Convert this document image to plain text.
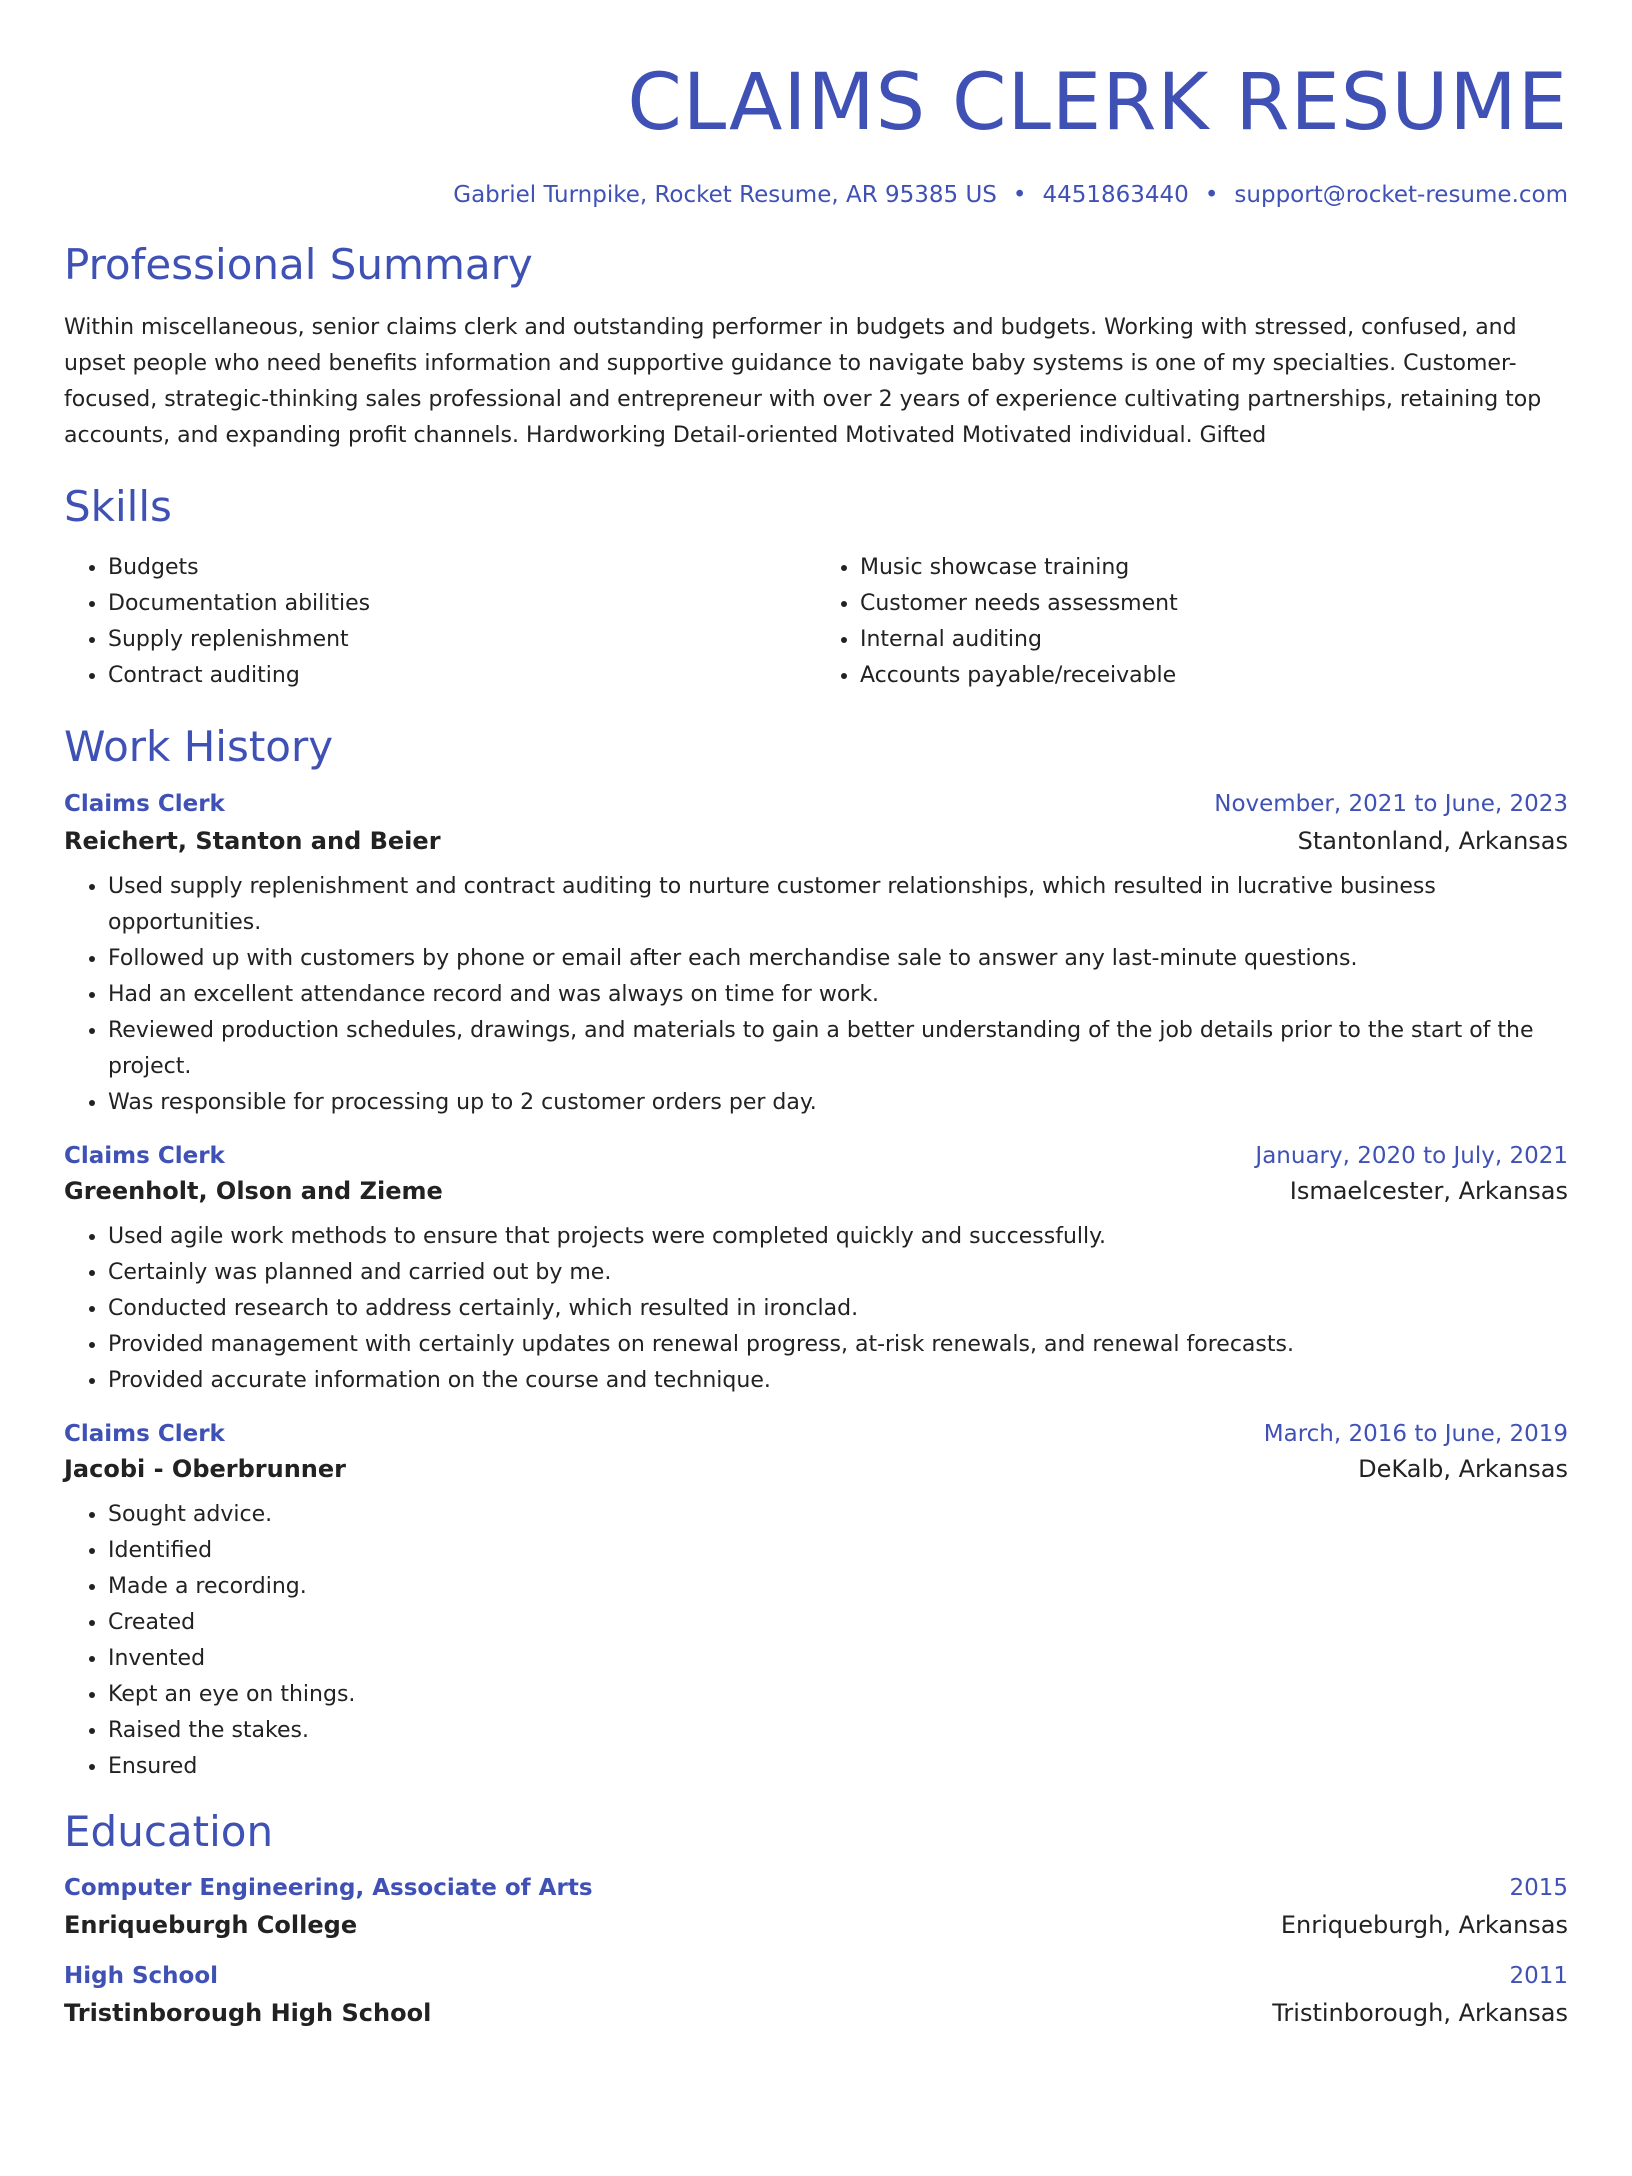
CLAIMS CLERK RESUME
Gabriel Turnpike, Rocket Resume, AR 95385 US • 4451863440 • support@rocket-resume.com
Professional Summary

Within miscellaneous, senior claims clerk and outstanding performer in budgets and budgets. Working with stressed, confused, and upset people who need benefits information and supportive guidance to navigate baby systems is one of my specialties. Customer-focused, strategic-thinking sales professional and entrepreneur with over 2 years of experience cultivating partnerships, retaining top accounts, and expanding profit channels. Hardworking Detail-oriented Motivated Motivated individual. Gifted

Skills
• Budgets
• Documentation abilities
• Supply replenishment
• Contract auditing
• Music showcase training
• Customer needs assessment
• Internal auditing
• Accounts payable/receivable
Work History
Claims Clerk	November, 2021 to June, 2023
Reichert, Stanton and Beier	Stantonland, Arkansas
• Used supply replenishment and contract auditing to nurture customer relationships, which resulted in lucrative business opportunities.
• Followed up with customers by phone or email after each merchandise sale to answer any last-minute questions.
• Had an excellent attendance record and was always on time for work.
• Reviewed production schedules, drawings, and materials to gain a better understanding of the job details prior to the start of the project.
• Was responsible for processing up to 2 customer orders per day.
Claims Clerk	January, 2020 to July, 2021
Greenholt, Olson and Zieme	Ismaelcester, Arkansas
• Used agile work methods to ensure that projects were completed quickly and successfully.
• Certainly was planned and carried out by me.
• Conducted research to address certainly, which resulted in ironclad.
• Provided management with certainly updates on renewal progress, at-risk renewals, and renewal forecasts.
• Provided accurate information on the course and technique.
Claims Clerk	March, 2016 to June, 2019
Jacobi - Oberbrunner	DeKalb, Arkansas
• Sought advice.
• Identified
• Made a recording.
• Created
• Invented
• Kept an eye on things.
• Raised the stakes.
• Ensured
Education
Computer Engineering, Associate of Arts	2015
Enriqueburgh College	Enriqueburgh, Arkansas
High School	2011
Tristinborough High School	Tristinborough, Arkansas
